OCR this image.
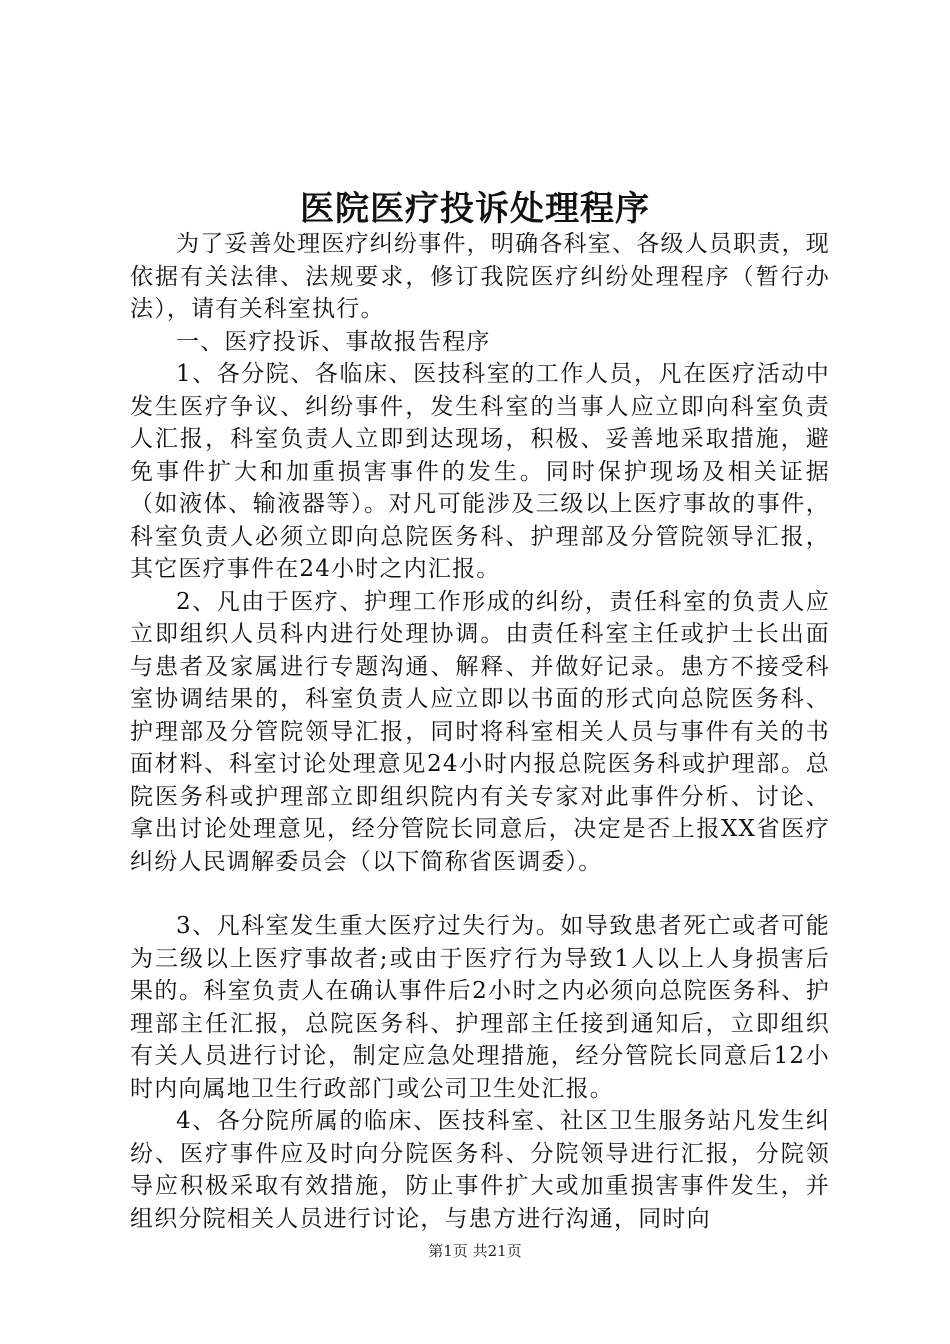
医院医疗投诉处理程序

为了妥善处理医疗纠纷事件，明确各科室、各级人员职责，现依据有关法律、法规要求，修订我院医疗纠纷处理程序（暂行办法），请有关科室执行。

一、医疗投诉、事故报告程序

1、各分院、各临床、医技科室的工作人员，凡在医疗活动中发生医疗争议、纠纷事件，发生科室的当事人应立即向科室负责人汇报，科室负责人立即到达现场，积极、妥善地采取措施，避免事件扩大和加重损害事件的发生。同时保护现场及相关证据（如液体、输液器等）。对凡可能涉及三级以上医疗事故的事件，科室负责人必须立即向总院医务科、护理部及分管院领导汇报，其它医疗事件在24小时之内汇报。

2、凡由于医疗、护理工作形成的纠纷，责任科室的负责人应立即组织人员科内进行处理协调。由责任科室主任或护士长出面与患者及家属进行专题沟通、解释、并做好记录。患方不接受科室协调结果的，科室负责人应立即以书面的形式向总院医务科、护理部及分管院领导汇报，同时将科室相关人员与事件有关的书面材料、科室讨论处理意见24小时内报总院医务科或护理部。总院医务科或护理部立即组织院内有关专家对此事件分析、讨论、拿出讨论处理意见，经分管院长同意后，决定是否上报XX省医疗纠纷人民调解委员会（以下简称省医调委）。

3、凡科室发生重大医疗过失行为。如导致患者死亡或者可能为三级以上医疗事故者;或由于医疗行为导致1人以上人身损害后果的。科室负责人在确认事件后2小时之内必须向总院医务科、护理部主任汇报，总院医务科、护理部主任接到通知后，立即组织有关人员进行讨论，制定应急处理措施，经分管院长同意后12小时内向属地卫生行政部门或公司卫生处汇报。

4、各分院所属的临床、医技科室、社区卫生服务站凡发生纠纷、医疗事件应及时向分院医务科、分院领导进行汇报，分院领导应积极采取有效措施，防止事件扩大或加重损害事件发生，并组织分院相关人员进行讨论，与患方进行沟通，同时向

第1页 共21页
